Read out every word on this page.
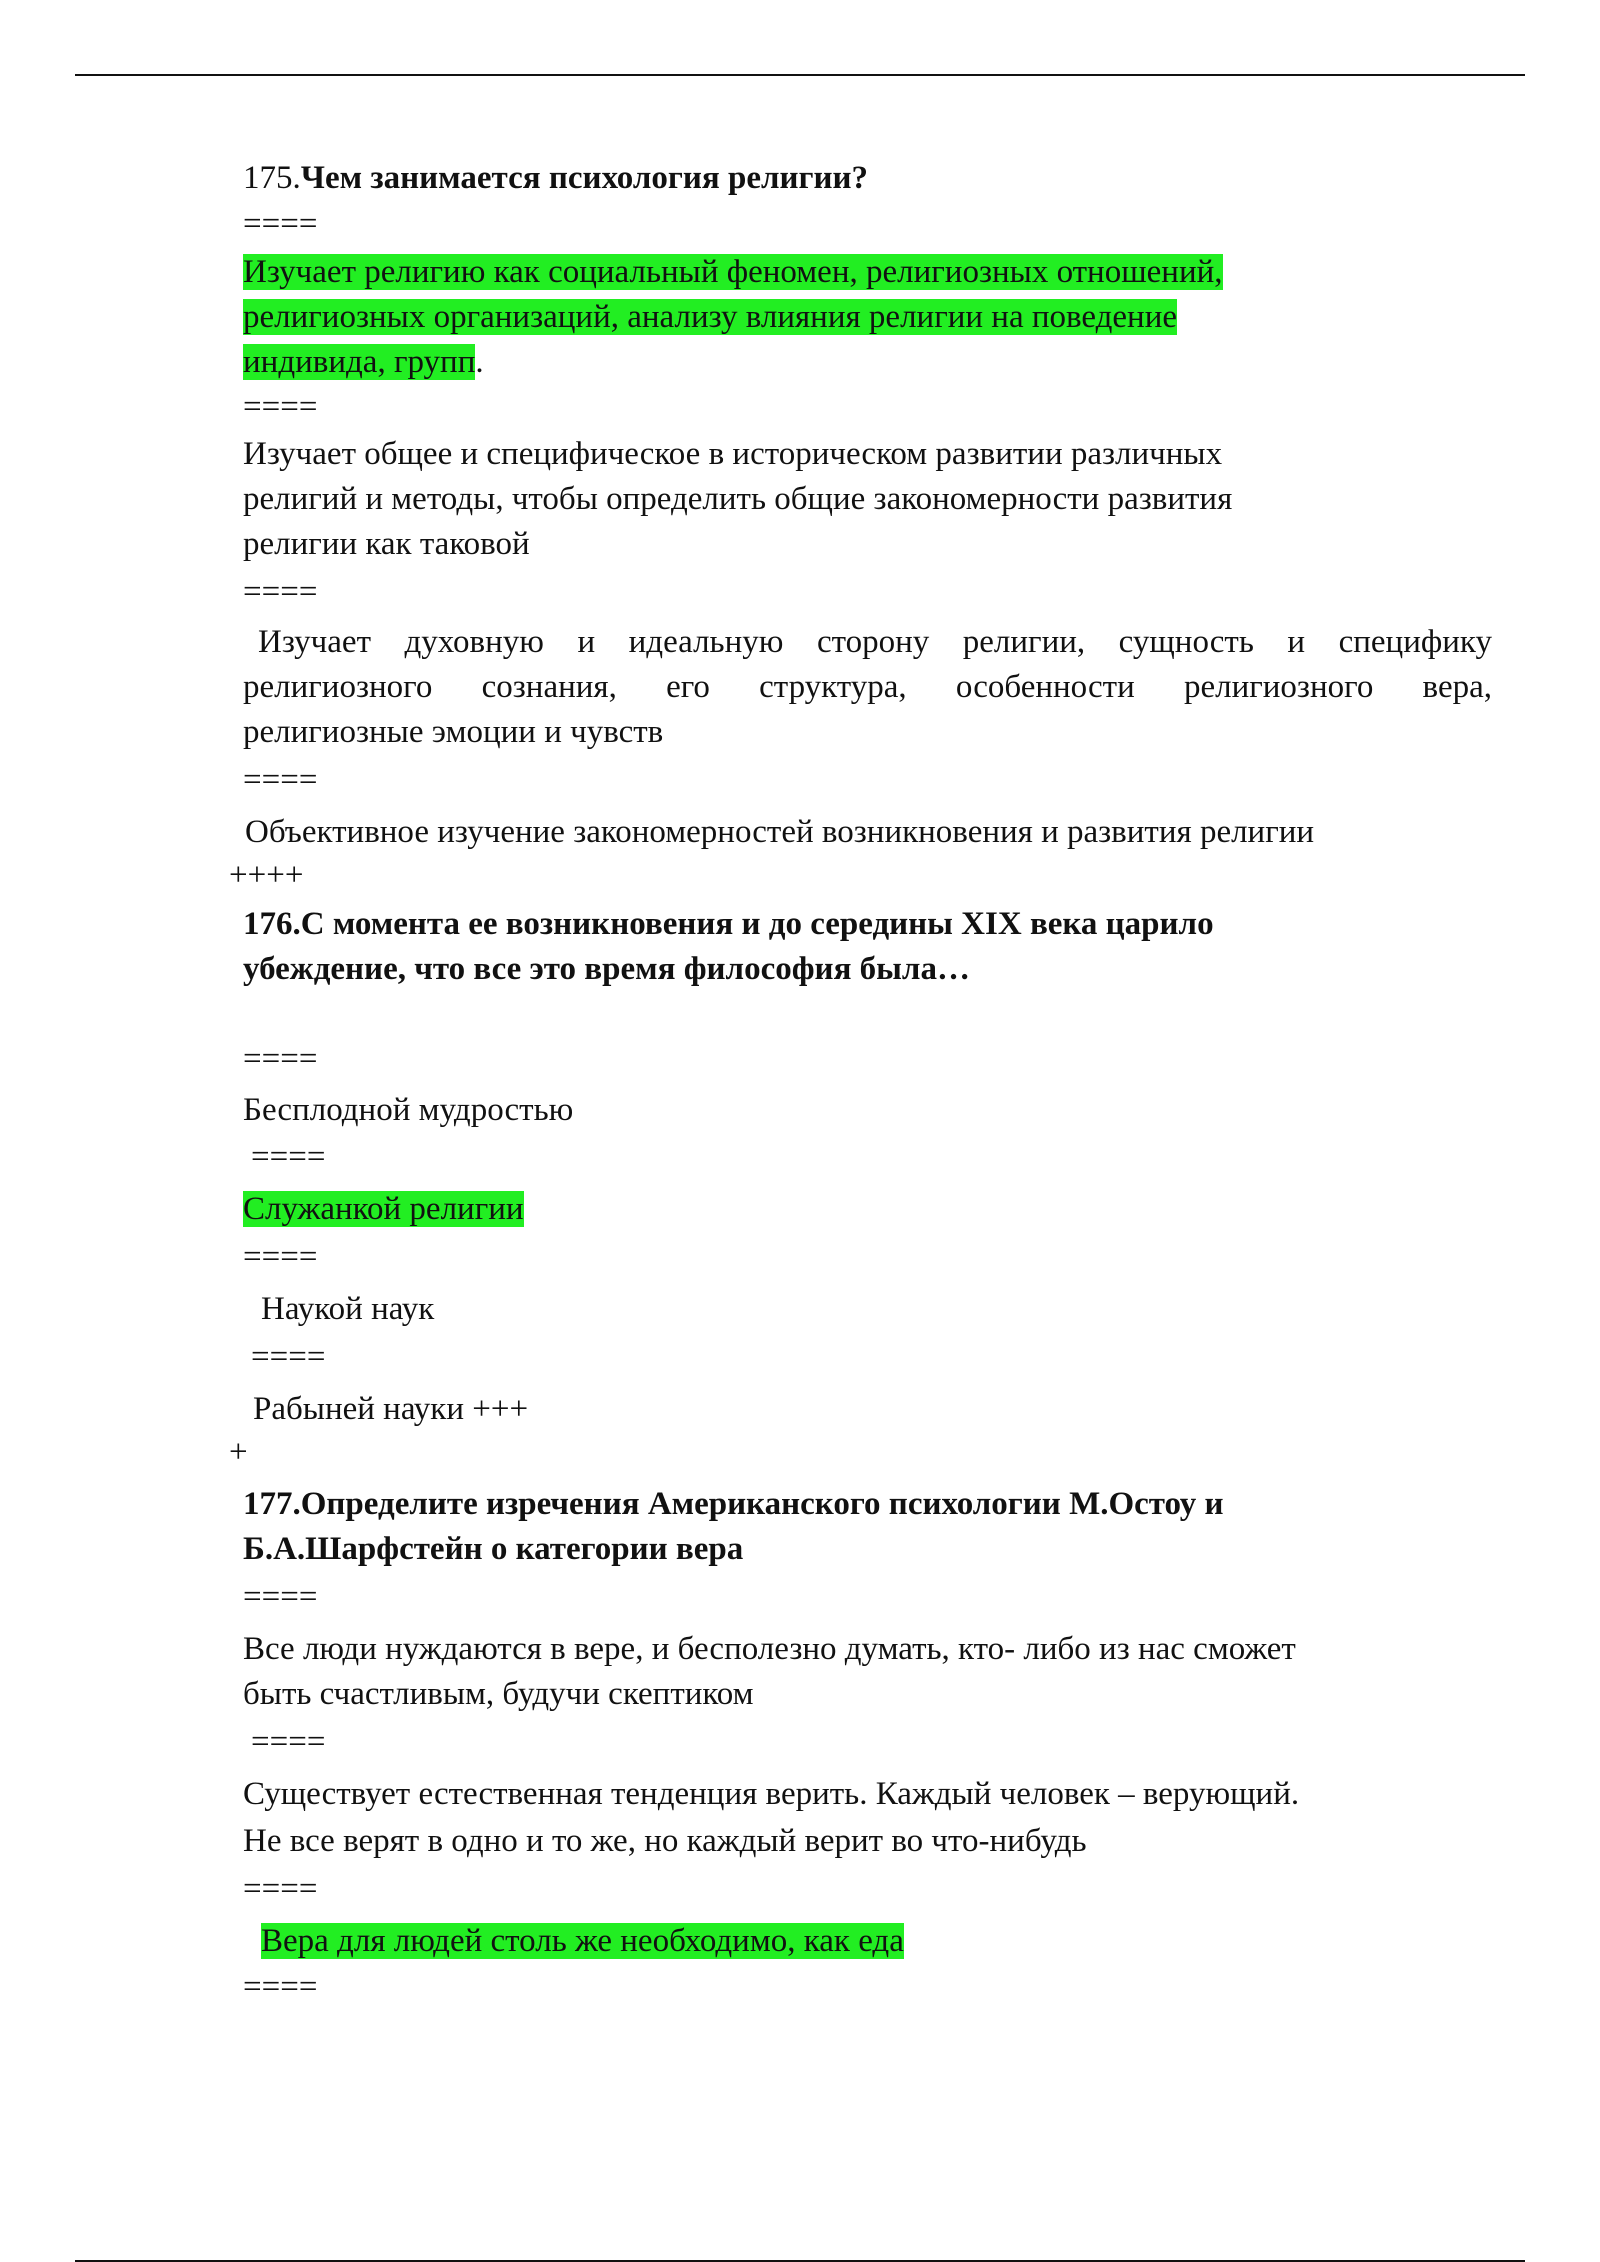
175.Чем занимается психология религии?

====

Изучает религию как социальный феномен, религиозных отношений,

религиозных организаций, анализу влияния религии на поведение

индивида, групп.

====

Изучает общее и специфическое в историческом развитии различных

религий и методы, чтобы определить общие закономерности развития

религии как таковой

====

Изучает духовную и идеальную сторону религии, сущность и специфику
религиозного сознания, его структура, особенности религиозного вера,

религиозные эмоции и чувств

====

Объективное изучение закономерностей возникновения и развития религии

++++

176.С момента ее возникновения и до середины XIX века царило

убеждение, что все это время философия была…

====

Бесплодной мудростью

====

Служанкой религии

====

Наукой наук

====

Рабыней науки +++

+

177.Определите изречения Американского психологии М.Остоу и

Б.А.Шарфстейн о категории вера

====

Все люди нуждаются в вере, и бесполезно думать, кто- либо из нас сможет

быть счастливым, будучи скептиком

====

Существует естественная тенденция верить. Каждый человек – верующий.

Не все верят в одно и то же, но каждый верит во что-нибудь

====

Вера для людей столь же необходимо, как еда

====
